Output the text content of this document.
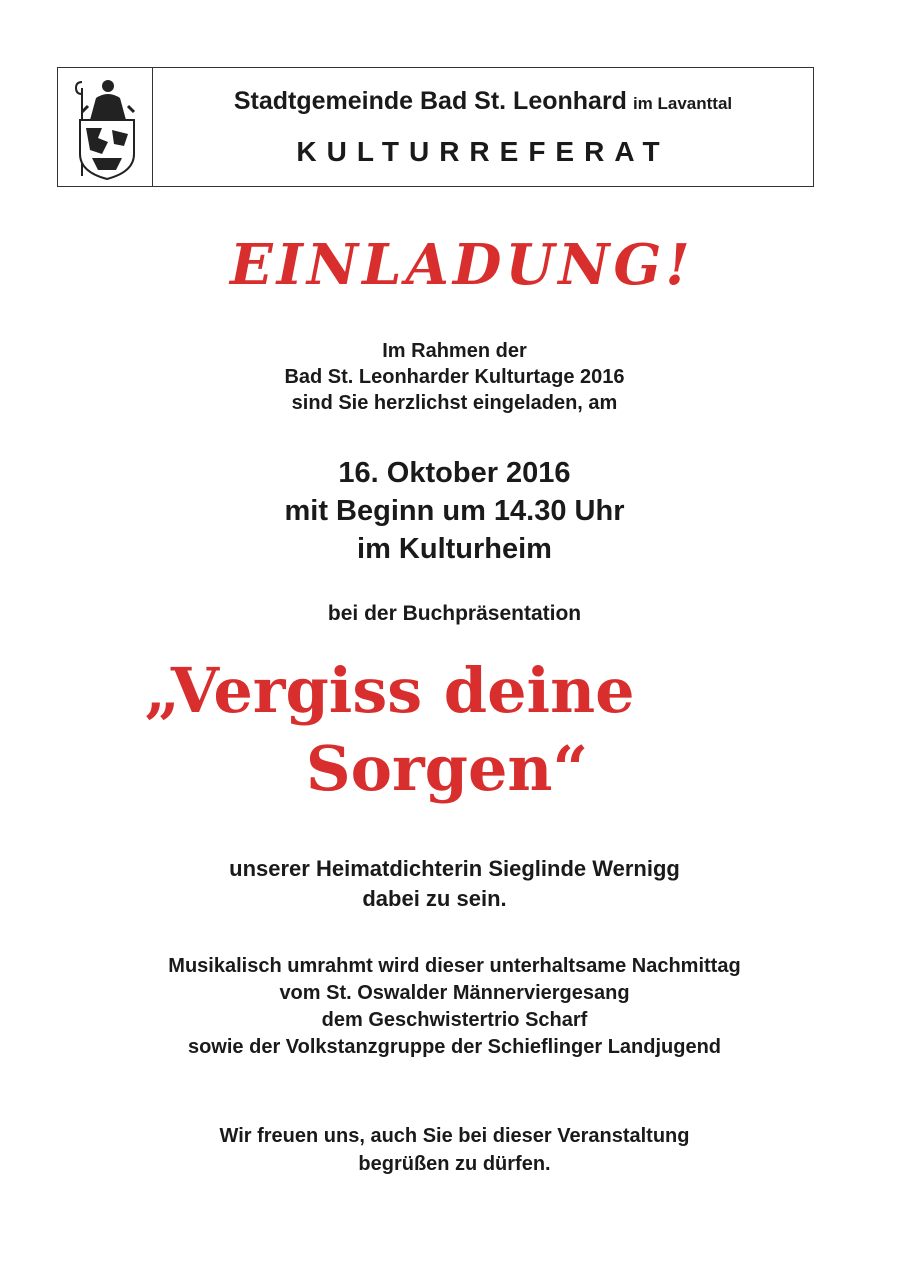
Stadtgemeinde Bad St. Leonhard im Lavanttal
KULTURREFERAT
EINLADUNG!
Im Rahmen der
Bad St. Leonharder Kulturtage 2016
sind Sie herzlichst eingeladen, am
16. Oktober 2016
mit Beginn um 14.30 Uhr
im Kulturheim
bei der Buchpräsentation
„Vergiss deine
Sorgen“
unserer Heimatdichterin Sieglinde Wernigg
dabei zu sein.
Musikalisch umrahmt wird dieser unterhaltsame Nachmittag
vom St. Oswalder Männerviergesang
dem Geschwistertrio Scharf
sowie der Volkstanzgruppe der Schieflinger Landjugend
Wir freuen uns, auch Sie bei dieser Veranstaltung
begrüßen zu dürfen.
